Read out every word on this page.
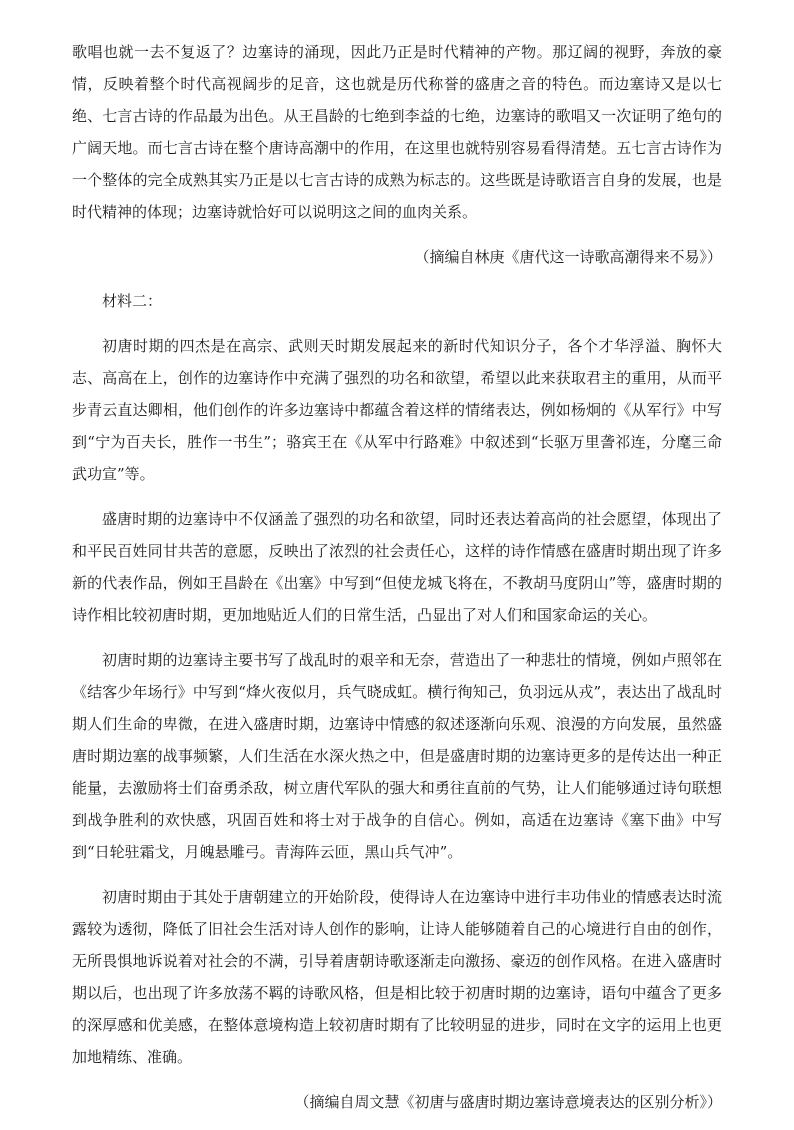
歌唱也就一去不复返了？边塞诗的涌现，因此乃正是时代精神的产物。那辽阔的视野，奔放的豪情，反映着整个时代高视阔步的足音，这也就是历代称誉的盛唐之音的特色。而边塞诗又是以七绝、七言古诗的作品最为出色。从王昌龄的七绝到李益的七绝，边塞诗的歌唱又一次证明了绝句的广阔天地。而七言古诗在整个唐诗高潮中的作用，在这里也就特别容易看得清楚。五七言古诗作为一个整体的完全成熟其实乃正是以七言古诗的成熟为标志的。这些既是诗歌语言自身的发展，也是时代精神的体现；边塞诗就恰好可以说明这之间的血肉关系。

（摘编自林庚《唐代这一诗歌高潮得来不易》）

材料二：

初唐时期的四杰是在高宗、武则天时期发展起来的新时代知识分子，各个才华浮溢、胸怀大志、高高在上，创作的边塞诗作中充满了强烈的功名和欲望，希望以此来获取君主的重用，从而平步青云直达卿相，他们创作的许多边塞诗中都蕴含着这样的情绪表达，例如杨炯的《从军行》中写到“宁为百夫长，胜作一书生”；骆宾王在《从军中行路难》中叙述到“长驱万里詟祁连，分麾三命武功宣”等。

盛唐时期的边塞诗中不仅涵盖了强烈的功名和欲望，同时还表达着高尚的社会愿望，体现出了和平民百姓同甘共苦的意愿，反映出了浓烈的社会责任心，这样的诗作情感在盛唐时期出现了许多新的代表作品，例如王昌龄在《出塞》中写到“但使龙城飞将在，不教胡马度阴山”等，盛唐时期的诗作相比较初唐时期，更加地贴近人们的日常生活，凸显出了对人们和国家命运的关心。

初唐时期的边塞诗主要书写了战乱时的艰辛和无奈，营造出了一种悲壮的情境，例如卢照邻在《结客少年场行》中写到“烽火夜似月，兵气晓成虹。横行徇知己，负羽远从戎”，表达出了战乱时期人们生命的卑微，在进入盛唐时期，边塞诗中情感的叙述逐渐向乐观、浪漫的方向发展，虽然盛唐时期边塞的战事频繁，人们生活在水深火热之中，但是盛唐时期的边塞诗更多的是传达出一种正能量，去激励将士们奋勇杀敌，树立唐代军队的强大和勇往直前的气势，让人们能够通过诗句联想到战争胜利的欢快感，巩固百姓和将士对于战争的自信心。例如，高适在边塞诗《塞下曲》中写到“日轮驻霜戈，月魄悬雕弓。青海阵云匝，黑山兵气冲”。

初唐时期由于其处于唐朝建立的开始阶段，使得诗人在边塞诗中进行丰功伟业的情感表达时流露较为透彻，降低了旧社会生活对诗人创作的影响，让诗人能够随着自己的心境进行自由的创作，无所畏惧地诉说着对社会的不满，引导着唐朝诗歌逐渐走向激扬、豪迈的创作风格。在进入盛唐时期以后，也出现了许多放荡不羁的诗歌风格，但是相比较于初唐时期的边塞诗，语句中蕴含了更多的深厚感和优美感，在整体意境构造上较初唐时期有了比较明显的进步，同时在文字的运用上也更加地精练、准确。

（摘编自周文慧《初唐与盛唐时期边塞诗意境表达的区别分析》）
